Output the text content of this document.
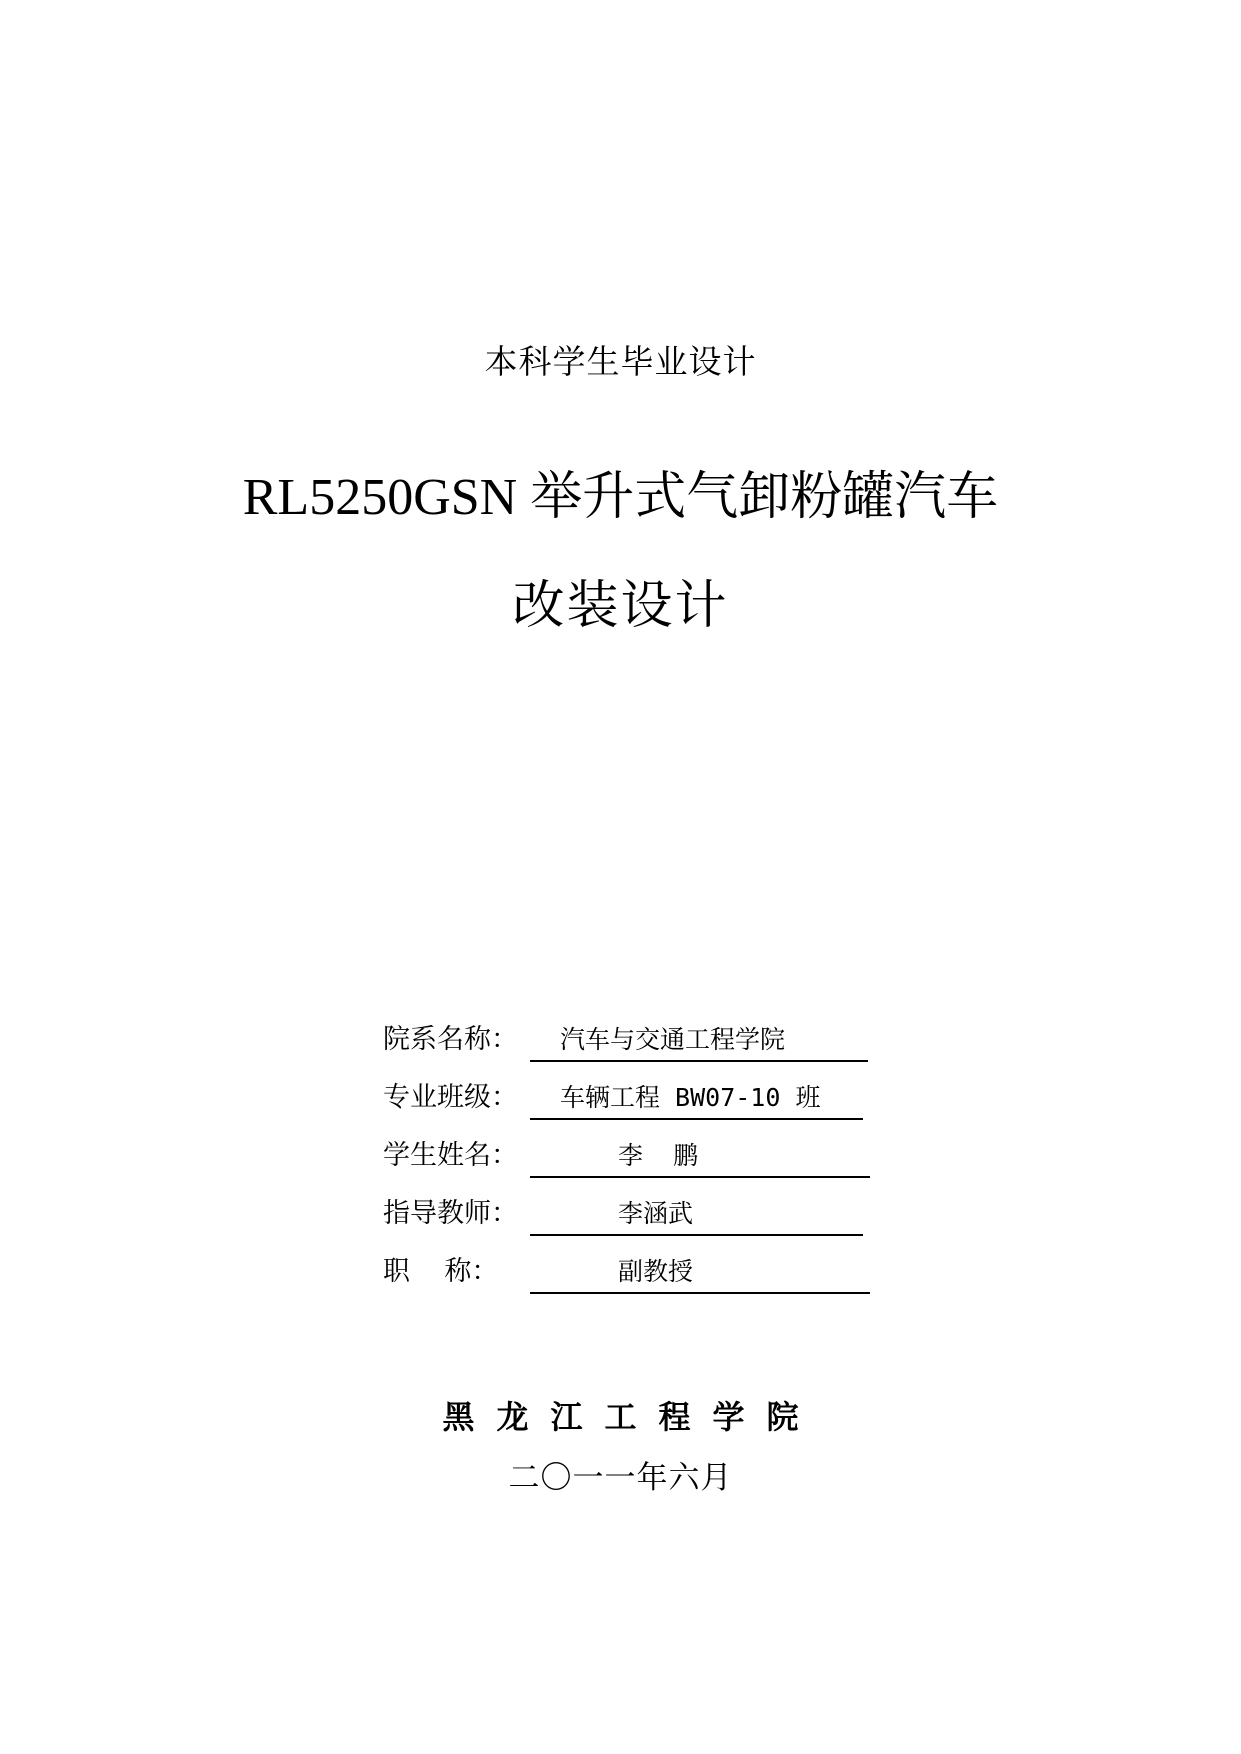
本科学生毕业设计
RL5250GSN 举升式气卸粉罐汽车
改装设计
院系名称： 汽车与交通工程学院
专业班级： 车辆工程 BW07-10 班
学生姓名：	李  鹏
指导教师：	李涵武
职    称：	副教授
黑龙江工程学院
二〇一一年六月
